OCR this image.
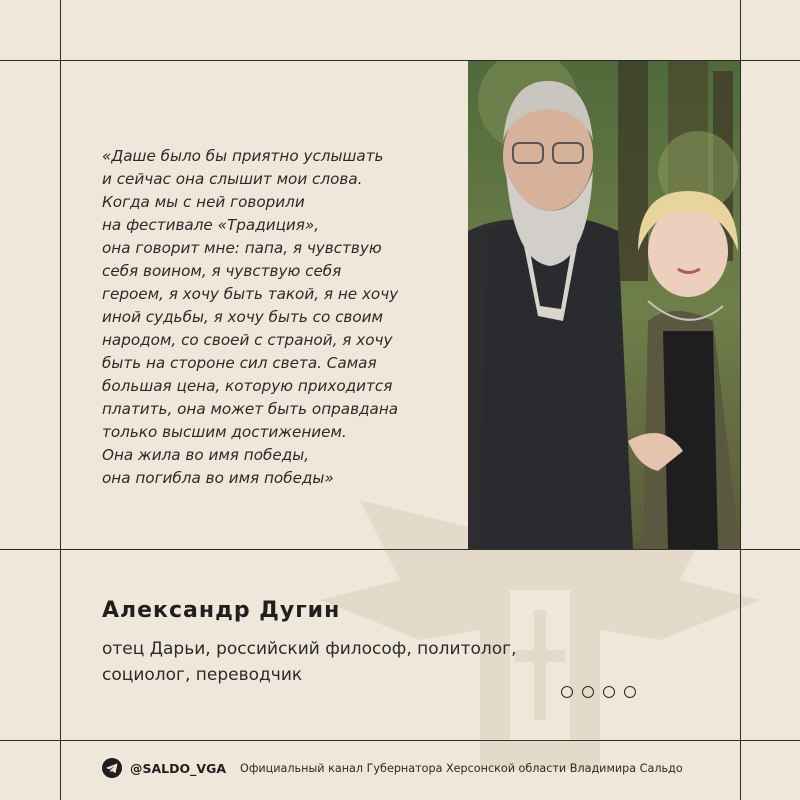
«Даше было бы приятно услышать
и сейчас она слышит мои слова.
Когда мы с ней говорили
на фестивале «Традиция»,
она говорит мне: папа, я чувствую
себя воином, я чувствую себя
героем, я хочу быть такой, я не хочу
иной судьбы, я хочу быть со своим
народом, со своей с страной, я хочу
быть на стороне сил света. Самая
большая цена, которую приходится
платить, она может быть оправдана
только высшим достижением.
Она жила во имя победы,
она погибла во имя победы»

Александр Дугин

отец Дарьи, российский философ, политолог,
социолог, переводчик

@SALDO_VGA Официальный канал Губернатора Херсонской области Владимира Сальдо
